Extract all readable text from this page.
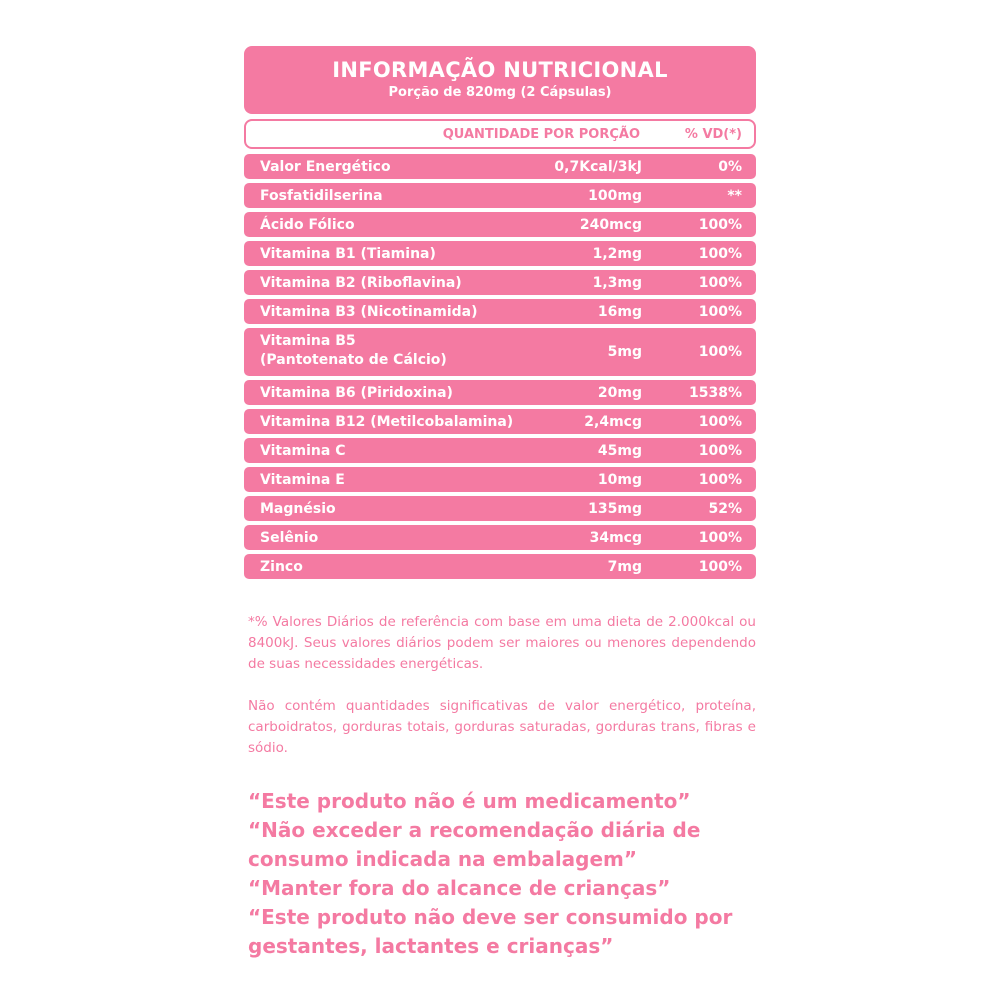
INFORMAÇÃO NUTRICIONAL
Porção de 820mg (2 Cápsulas)
QUANTIDADE POR PORÇÃO	% VD(*)
Valor Energético	0,7Kcal/3kJ	0%
Fosfatidilserina	100mg	**
Ácido Fólico	240mcg	100%
Vitamina B1 (Tiamina)	1,2mg	100%
Vitamina B2 (Riboflavina)	1,3mg	100%
Vitamina B3 (Nicotinamida)	16mg	100%
Vitamina B5
(Pantotenato de Cálcio)	5mg	100%
Vitamina B6 (Piridoxina)	20mg	1538%
Vitamina B12 (Metilcobalamina)	2,4mcg	100%
Vitamina C	45mg	100%
Vitamina E	10mg	100%
Magnésio	135mg	52%
Selênio	34mcg	100%
Zinco	7mg	100%
*% Valores Diários de referência com base em uma dieta de 2.000kcal ou 8400kJ. Seus valores diários podem ser maiores ou menores dependendo de suas necessidades energéticas.
Não contém quantidades significativas de valor energético, proteína, carboidratos, gorduras totais, gorduras saturadas, gorduras trans, fibras e sódio.
“Este produto não é um medicamento”
“Não exceder a recomendação diária de
consumo indicada na embalagem”
“Manter fora do alcance de crianças”
“Este produto não deve ser consumido por
gestantes, lactantes e crianças”
